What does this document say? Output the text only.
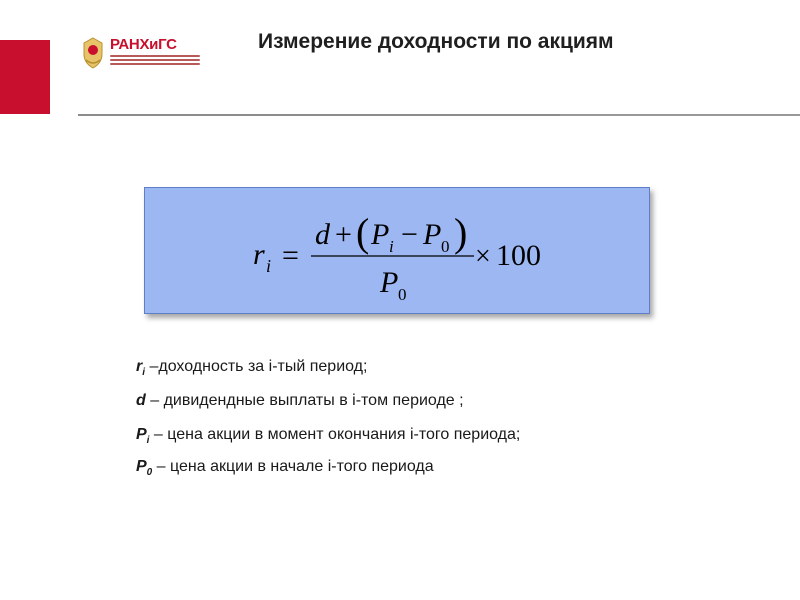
РАНХиГС	Измерение доходности по акциям
r i =
d + ( P i − P 0 )
P 0
× 100
$r_i$ –доходность за i-тый период;
d – дивидендные выплаты в i-том периоде ;
$P_i$ – цена акции в момент окончания i-того периода;
$P_0$ – цена акции в начале i-того периода
